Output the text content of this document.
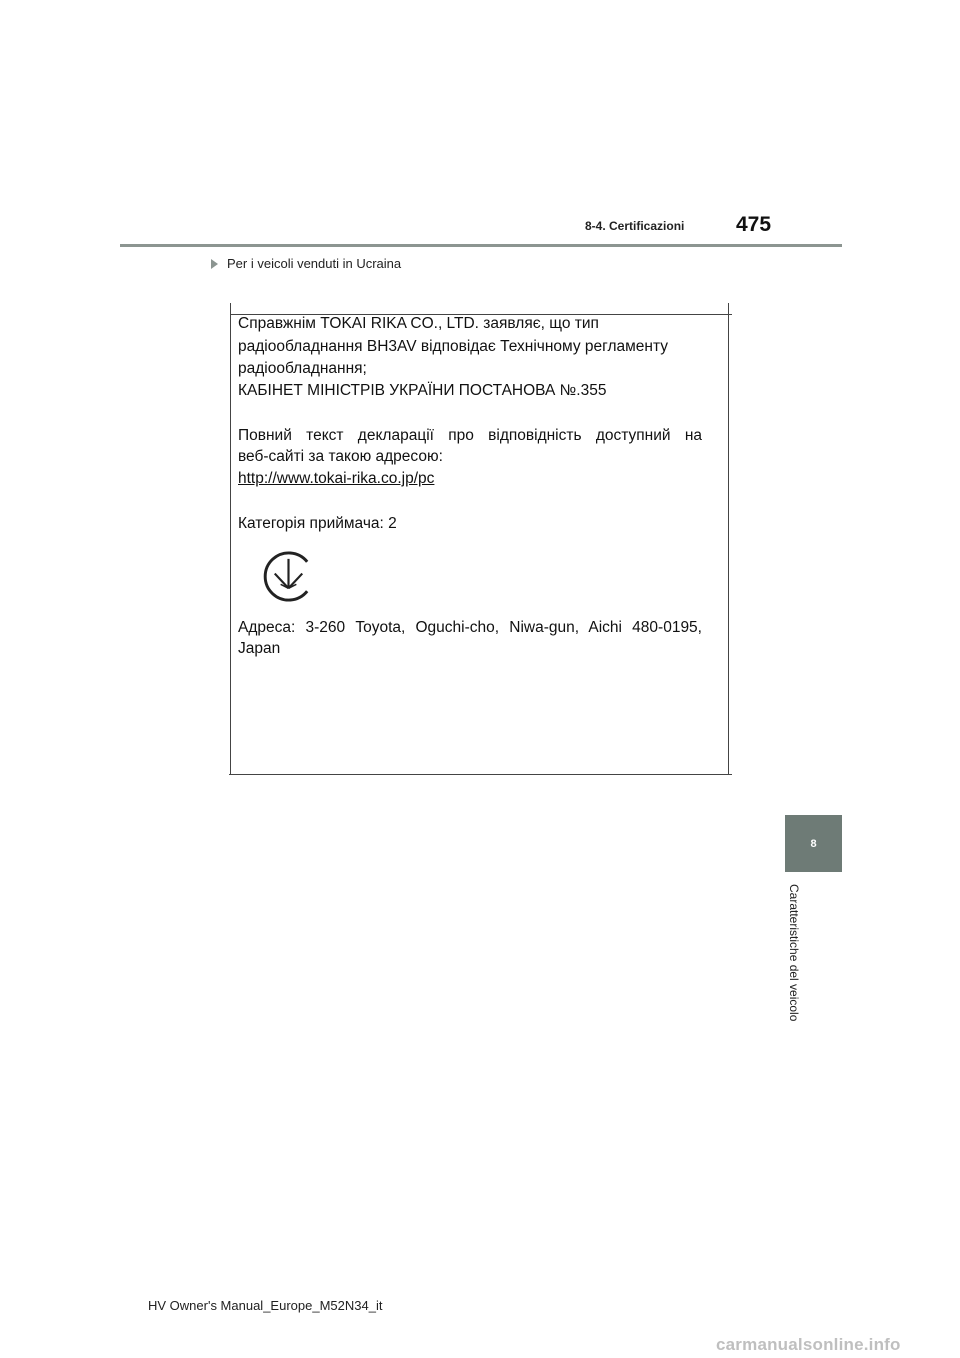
8-4. Certificazioni 475
Per i veicoli venduti in Ucraina
Справжнім TOKAI RIKA CO., LTD. заявляє, що тип
радіообладнання BH3AV відповідає Технічному регламенту
радіообладнання;
КАБІНЕТ МІНІСТРІВ УКРАЇНИ ПОСТАНОВА №.355
Повний текст декларації про відповідність доступний на
веб-сайті за такою адресою:
http://www.tokai-rika.co.jp/pc
Категорія приймача: 2
Адреса: 3-260 Toyota, Oguchi-cho, Niwa-gun, Aichi 480-0195,
Japan
8
Caratteristiche del veicolo
HV Owner's Manual_Europe_M52N34_it
carmanualsonline.info
